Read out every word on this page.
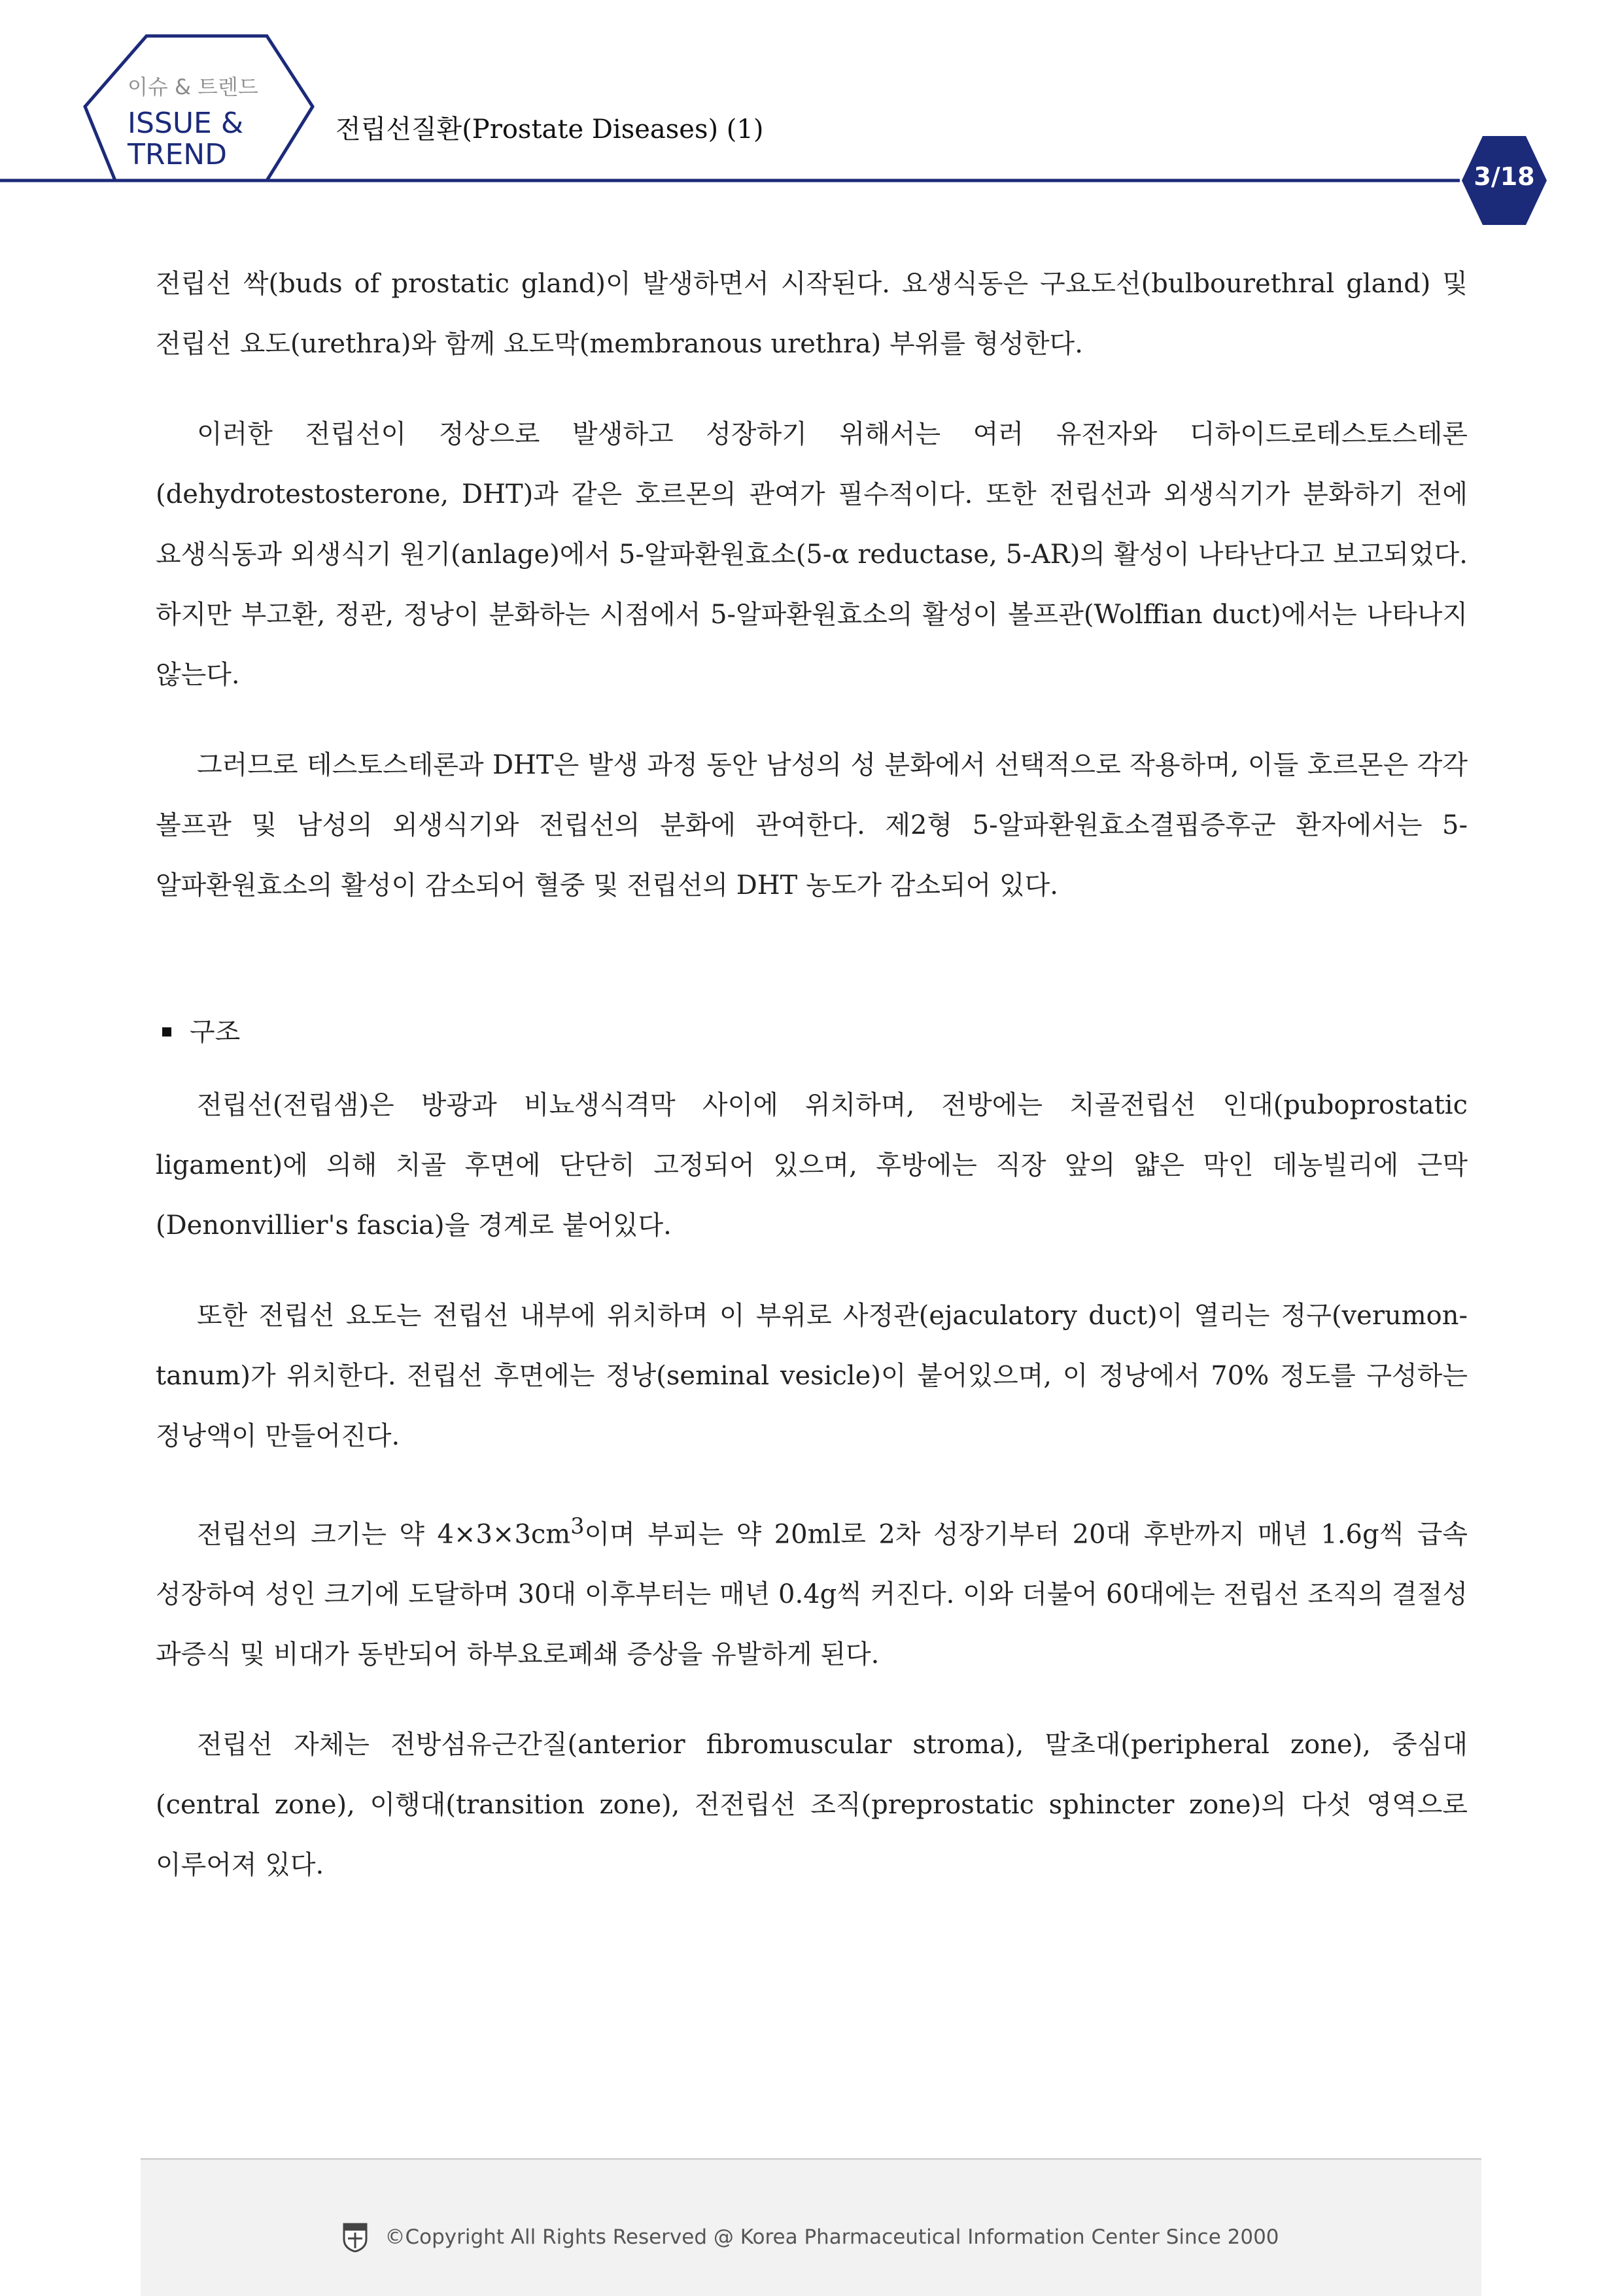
이슈 & 트렌드
ISSUE &
TREND
전립선질환(Prostate Diseases) (1)
3/18

전립선 싹(buds of prostatic gland)이 발생하면서 시작된다. 요생식동은 구요도선(bulbourethral gland) 및 전립선 요도(urethra)와 함께 요도막(membranous urethra) 부위를 형성한다.

이러한 전립선이 정상으로 발생하고 성장하기 위해서는 여러 유전자와 디하이드로테스토스테론(dehydrotestosterone, DHT)과 같은 호르몬의 관여가 필수적이다. 또한 전립선과 외생식기가 분화하기 전에 요생식동과 외생식기 원기(anlage)에서 5-알파환원효소(5-α reductase, 5-AR)의 활성이 나타난다고 보고되었다. 하지만 부고환, 정관, 정낭이 분화하는 시점에서 5-알파환원효소의 활성이 볼프관(Wolffian duct)에서는 나타나지 않는다.

그러므로 테스토스테론과 DHT은 발생 과정 동안 남성의 성 분화에서 선택적으로 작용하며, 이들 호르몬은 각각 볼프관 및 남성의 외생식기와 전립선의 분화에 관여한다. 제2형 5-알파환원효소결핍증후군 환자에서는 5-알파환원효소의 활성이 감소되어 혈중 및 전립선의 DHT 농도가 감소되어 있다.

구조

전립선(전립샘)은 방광과 비뇨생식격막 사이에 위치하며, 전방에는 치골전립선 인대(puboprostatic ligament)에 의해 치골 후면에 단단히 고정되어 있으며, 후방에는 직장 앞의 얇은 막인 데농빌리에 근막(Denonvillier's fascia)을 경계로 붙어있다.

또한 전립선 요도는 전립선 내부에 위치하며 이 부위로 사정관(ejaculatory duct)이 열리는 정구(verumon-tanum)가 위치한다. 전립선 후면에는 정낭(seminal vesicle)이 붙어있으며, 이 정낭에서 70% 정도를 구성하는 정낭액이 만들어진다.

전립선의 크기는 약 $4\times 3\times 3cm^3$이며 부피는 약 20ml로 2차 성장기부터 20대 후반까지 매년 1.6g씩 급속 성장하여 성인 크기에 도달하며 30대 이후부터는 매년 0.4g씩 커진다. 이와 더불어 60대에는 전립선 조직의 결절성 과증식 및 비대가 동반되어 하부요로폐쇄 증상을 유발하게 된다.

전립선 자체는 전방섬유근간질(anterior fibromuscular stroma), 말초대(peripheral zone), 중심대(central zone), 이행대(transition zone), 전전립선 조직(preprostatic sphincter zone)의 다섯 영역으로 이루어져 있다.

©Copyright All Rights Reserved @ Korea Pharmaceutical Information Center Since 2000
